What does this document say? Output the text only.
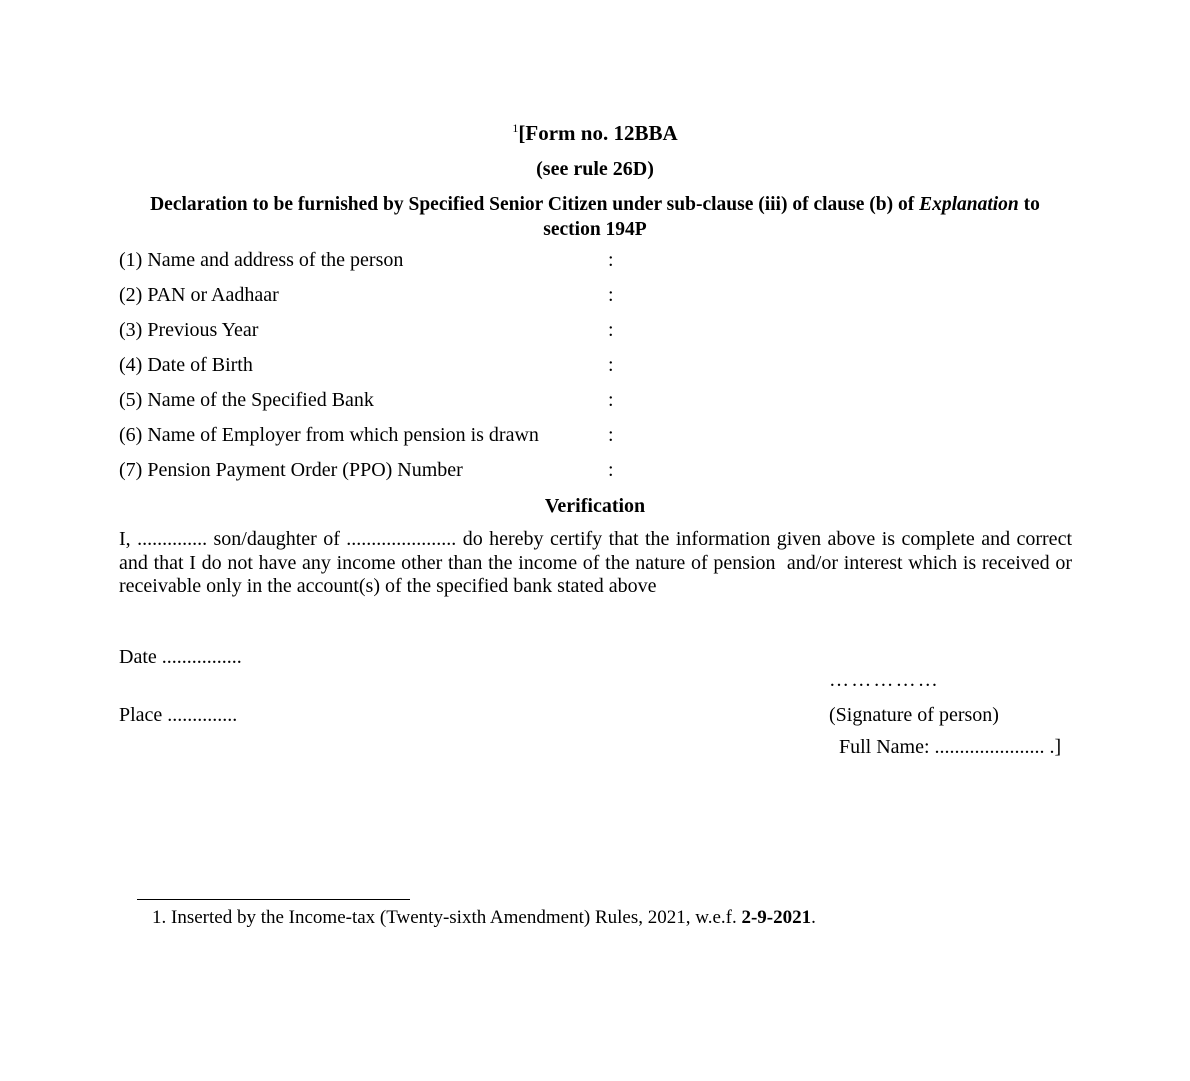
$^1$[Form no. 12BBA
(see rule 26D)
Declaration to be furnished by Specified Senior Citizen under sub-clause (iii) of clause (b) of Explanation to section 194P
(1) Name and address of the person	:
(2) PAN or Aadhaar	:
(3) Previous Year	:
(4) Date of Birth	:
(5) Name of the Specified Bank	:
(6) Name of Employer from which pension is drawn	:
(7) Pension Payment Order (PPO) Number	:
Verification
I, .............. son/daughter of ...................... do hereby certify that the information given above is complete and correct and that I do not have any income other than the income of the nature of pension  and/or interest which is received or receivable only in the account(s) of the specified bank stated above
Date ................
Place ..............
……………
(Signature of person)
Full Name: ...................... .]
1. Inserted by the Income-tax (Twenty-sixth Amendment) Rules, 2021, w.e.f. 2-9-2021.
